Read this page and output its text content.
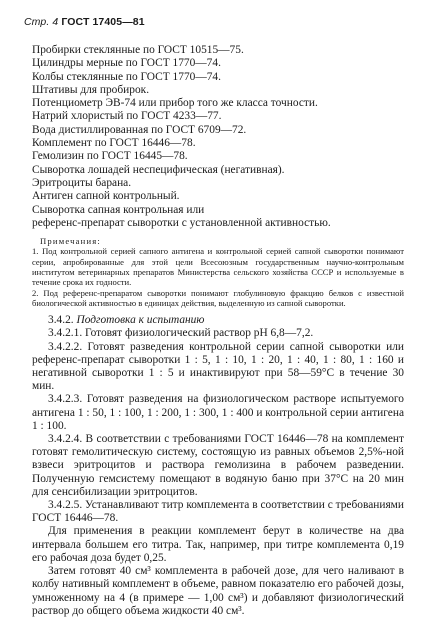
Стр. 4 ГОСТ 17405—81
Пробирки стеклянные по ГОСТ 10515—75.
Цилиндры мерные по ГОСТ 1770—74.
Колбы стеклянные по ГОСТ 1770—74.
Штативы для пробирок.
Потенциометр ЭВ-74 или прибор того же класса точности.
Натрий хлористый по ГОСТ 4233—77.
Вода дистиллированная по ГОСТ 6709—72.
Комплемент по ГОСТ 16446—78.
Гемолизин по ГОСТ 16445—78.
Сыворотка лошадей неспецифическая (негативная).
Эритроциты барана.
Антиген сапной контрольный.
Сыворотка сапная контрольная или
референс-препарат сыворотки с установленной активностью.
Примечания:

1. Под контрольной серией сапного антигена и контрольной серией сапной сыворотки понимают серии, апробированные для этой цели Всесоюзным государственным научно-контрольным институтом ветеринарных препаратов Министерства сельского хозяйства СССР и используемые в течение срока их годности.

2. Под референс-препаратом сыворотки понимают глобулиновую фракцию белков с известной биологической активностью в единицах действия, выделенную из сапной сыворотки.

3.4.2. Подготовка к испытанию

3.4.2.1. Готовят физиологический раствор рН 6,8—7,2.

3.4.2.2. Готовят разведения контрольной серии сапной сыворотки или референс-препарат сыворотки 1 : 5, 1 : 10, 1 : 20, 1 : 40, 1 : 80, 1 : 160 и негативной сыворотки 1 : 5 и инактивируют при 58—59°С в течение 30 мин.

3.4.2.3. Готовят разведения на физиологическом растворе испытуемого антигена 1 : 50, 1 : 100, 1 : 200, 1 : 300, 1 : 400 и контрольной серии антигена 1 : 100.

3.4.2.4. В соответствии с требованиями ГОСТ 16446—78 на комплемент готовят гемолитическую систему, состоящую из равных объемов 2,5%-ной взвеси эритроцитов и раствора гемолизина в рабочем разведении. Полученную гемсистему помещают в водяную баню при 37°С на 20 мин для сенсибилизации эритроцитов.

3.4.2.5. Устанавливают титр комплемента в соответствии с требованиями ГОСТ 16446—78.

Для применения в реакции комплемент берут в количестве на два интервала большем его титра. Так, например, при титре комплемента 0,19 его рабочая доза будет 0,25.

Затем готовят 40 см³ комплемента в рабочей дозе, для чего наливают в колбу нативный комплемент в объеме, равном показателю его рабочей дозы, умноженному на 4 (в примере — 1,00 см³) и добавляют физиологический раствор до общего объема жидкости 40 см³.
